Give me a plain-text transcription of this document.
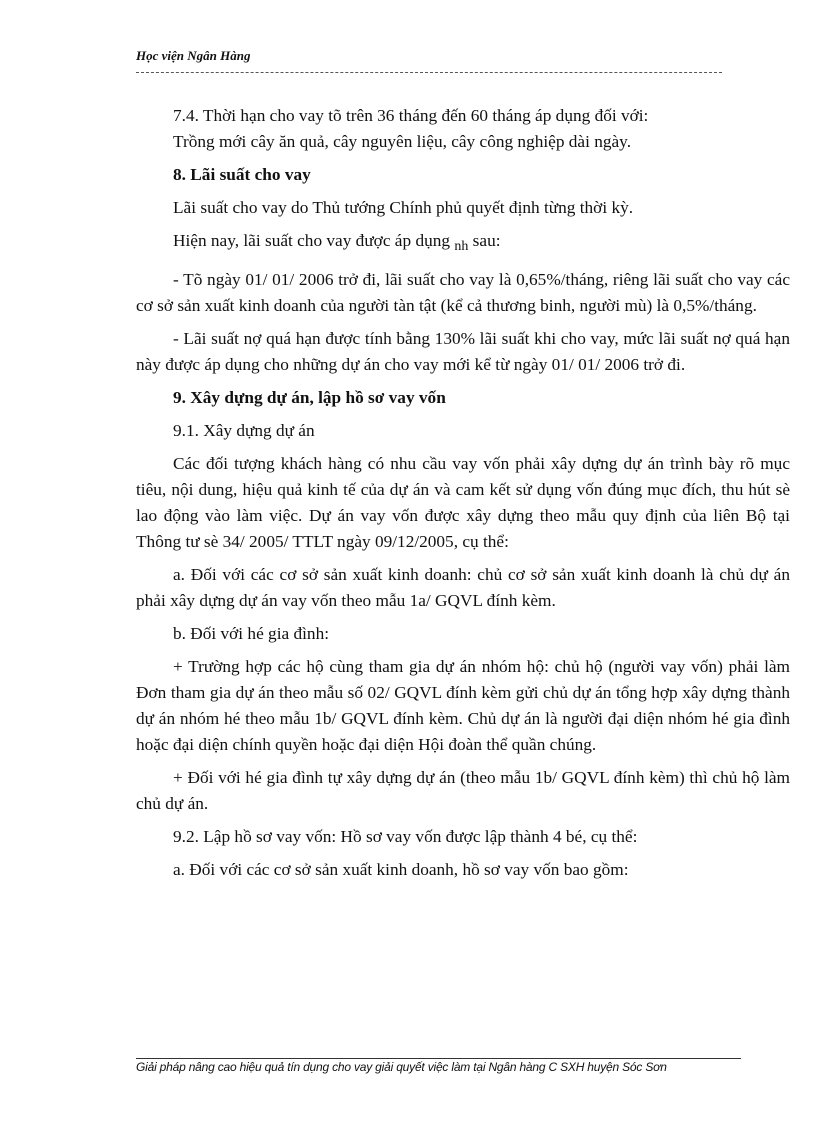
Học viện Ngân Hàng

7.4. Thời hạn cho vay tõ trên 36 tháng đến 60 tháng áp dụng đối với:

Trồng mới cây ăn quả, cây nguyên liệu, cây công nghiệp dài ngày.

8. Lãi suất cho vay

Lãi suất cho vay do Thủ tướng Chính phủ quyết định từng thời kỳ.

Hiện nay, lãi suất cho vay được áp dụng $_{nh}$ sau:

- Tõ ngày 01/ 01/ 2006 trở đi, lãi suất cho vay là 0,65%/tháng, riêng lãi suất cho vay các cơ sở sản xuất kinh doanh của người tàn tật (kể cả thương binh, người mù) là 0,5%/tháng.

- Lãi suất nợ quá hạn được tính bằng 130% lãi suất khi cho vay, mức lãi suất nợ quá hạn này được áp dụng cho những dự án cho vay mới kể từ ngày 01/ 01/ 2006 trở đi.

9. Xây dựng dự án, lập hồ sơ vay vốn

9.1. Xây dựng dự án

Các đối tượng khách hàng có nhu cầu vay vốn phải xây dựng dự án trình bày rõ mục tiêu, nội dung, hiệu quả kinh tế của dự án và cam kết sử dụng vốn đúng mục đích, thu hút sè lao động vào làm việc. Dự án vay vốn được xây dựng theo mẫu quy định của liên Bộ tại Thông tư sè 34/ 2005/ TTLT ngày 09/12/2005, cụ thể:

a. Đối với các cơ sở sản xuất kinh doanh: chủ cơ sở sản xuất kinh doanh là chủ dự án phải xây dựng dự án vay vốn theo mẫu 1a/ GQVL đính kèm.

b. Đối với hé gia đình:

+ Trường hợp các hộ cùng tham gia dự án nhóm hộ: chủ hộ (người vay vốn) phải làm Đơn tham gia dự án theo mẫu số 02/ GQVL đính kèm gửi chủ dự án tổng hợp xây dựng thành dự án nhóm hé theo mẫu 1b/ GQVL đính kèm. Chủ dự án là người đại diện nhóm hé gia đình hoặc đại diện chính quyền hoặc đại diện Hội đoàn thể quần chúng.

+ Đối với hé gia đình tự xây dựng dự án (theo mẫu 1b/ GQVL đính kèm) thì chủ hộ làm chủ dự án.

9.2. Lập hồ sơ vay vốn: Hồ sơ vay vốn được lập thành 4 bé, cụ thể:

a. Đối với các cơ sở sản xuất kinh doanh, hồ sơ vay vốn bao gồm:

Giải pháp nâng cao hiệu quả tín dụng cho vay giải quyết việc làm tại Ngân hàng C SXH huyện Sóc Sơn
